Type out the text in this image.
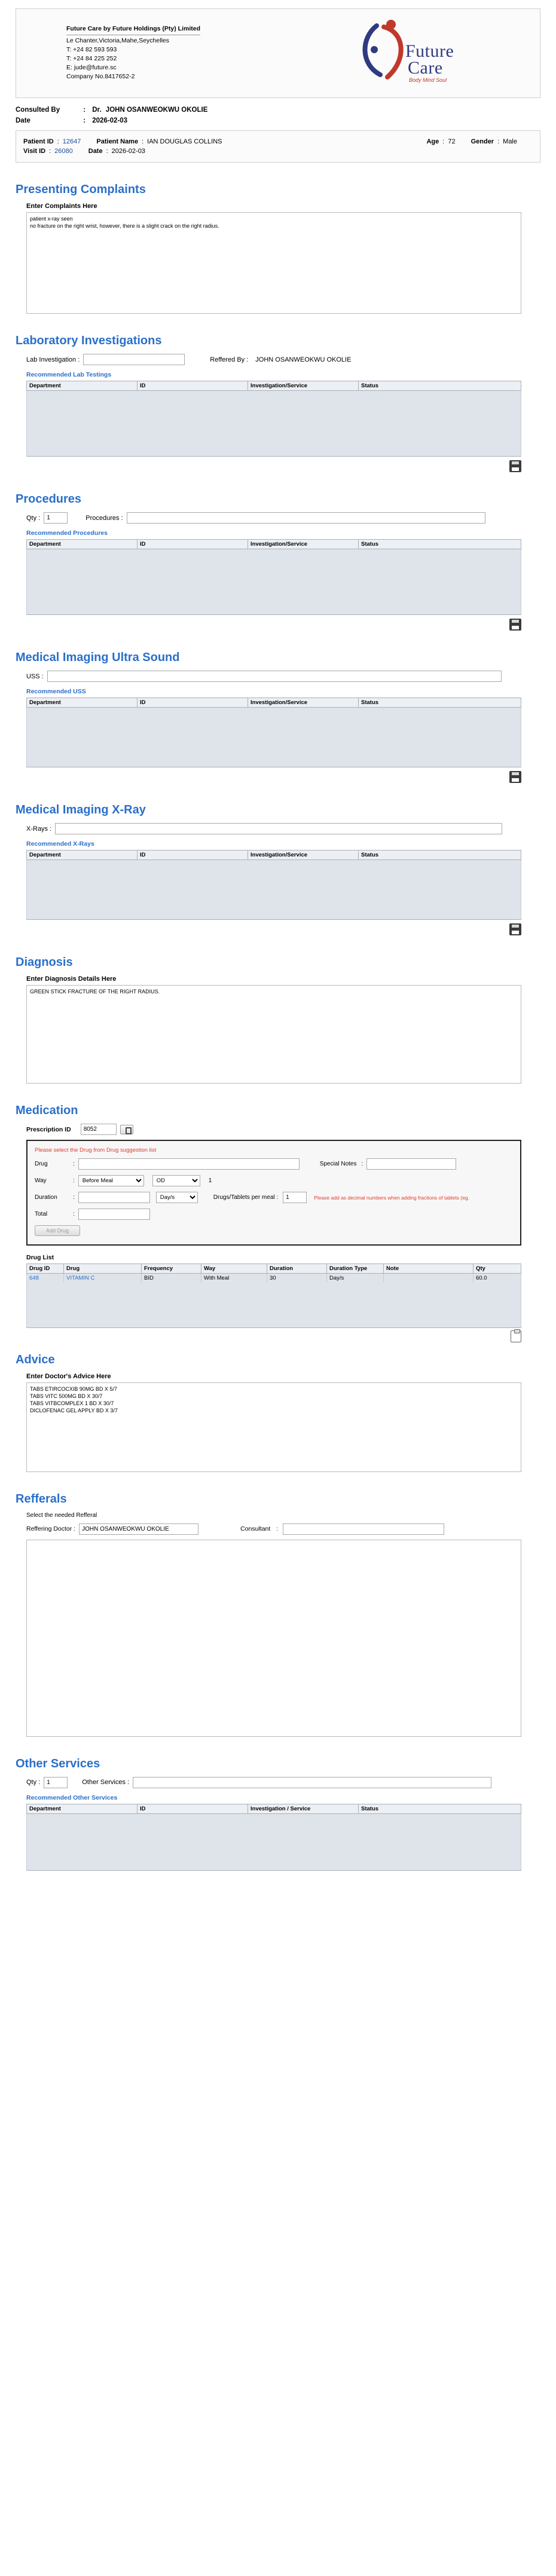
Future Care by Future Holdings (Pty) Limited
Le Chanter,Victoria,Mahe,Seychelles
T: +24 82 593 593
T: +24 84 225 252
E: jude@future.sc
Company No.8417652-2
Future
Care
Body Mind Soul
Consulted By	: Dr. JOHN OSANWEOKWU OKOLIE
Date	: 2026-02-03
Patient ID : 12647 Patient Name : IAN DOUGLAS COLLINS	Age : 72 Gender : Male
Visit ID : 26080 Date : 2026-02-03
Presenting Complaints
Enter Complaints Here
patient x-ray seen no fracture on the right wrist, however, there is a slight crack on the right radius.
Laboratory Investigations
Lab Investigation :	Reffered By : JOHN OSANWEOKWU OKOLIE
Recommended Lab Testings
Department	ID	Investigation/Service	Status

Procedures
Qty :
1	Procedures :
Recommended Procedures
Department	ID	Investigation/Service	Status

Medical Imaging Ultra Sound
USS :
Recommended USS
Department	ID	Investigation/Service	Status

Medical Imaging X-Ray
X-Rays :
Recommended X-Rays
Department	ID	Investigation/Service	Status

Diagnosis
Enter Diagnosis Details Here
GREEN STICK FRACTURE OF THE RIGHT RADIUS.
Medication
Prescription ID
8052
Please select the Drug from Drug suggestion list
Drug	:	Special Notes :
Way	:
Before Meal
OD	1
Duration	:
Day/s	Drugs/Tablets per meal :
1	Please add as decimal numbers when adding fractions of tablets (eg.
Total	:
Add Drug
Drug List
Drug ID	Drug	Frequency	Way	Duration	Duration Type	Note	Qty
648	VITAMIN C	BID	With Meal	30	Day/s		60.0

Advice
Enter Doctor's Advice Here
TABS ETIRCOCXIB 90MG BD X 5/7 TABS VITC 500MG BD X 30/7 TABS VITBCOMPLEX 1 BD X 30/7 DICLOFENAC GEL APPLY BD X 3/7
Refferals
Select the needed Refferal
Reffering Doctor :
JOHN OSANWEOKWU OKOLIE	Consultant :
Other Services
Qty :
1	Other Services :
Recommended Other Services
Department	ID	Investigation / Service	Status
